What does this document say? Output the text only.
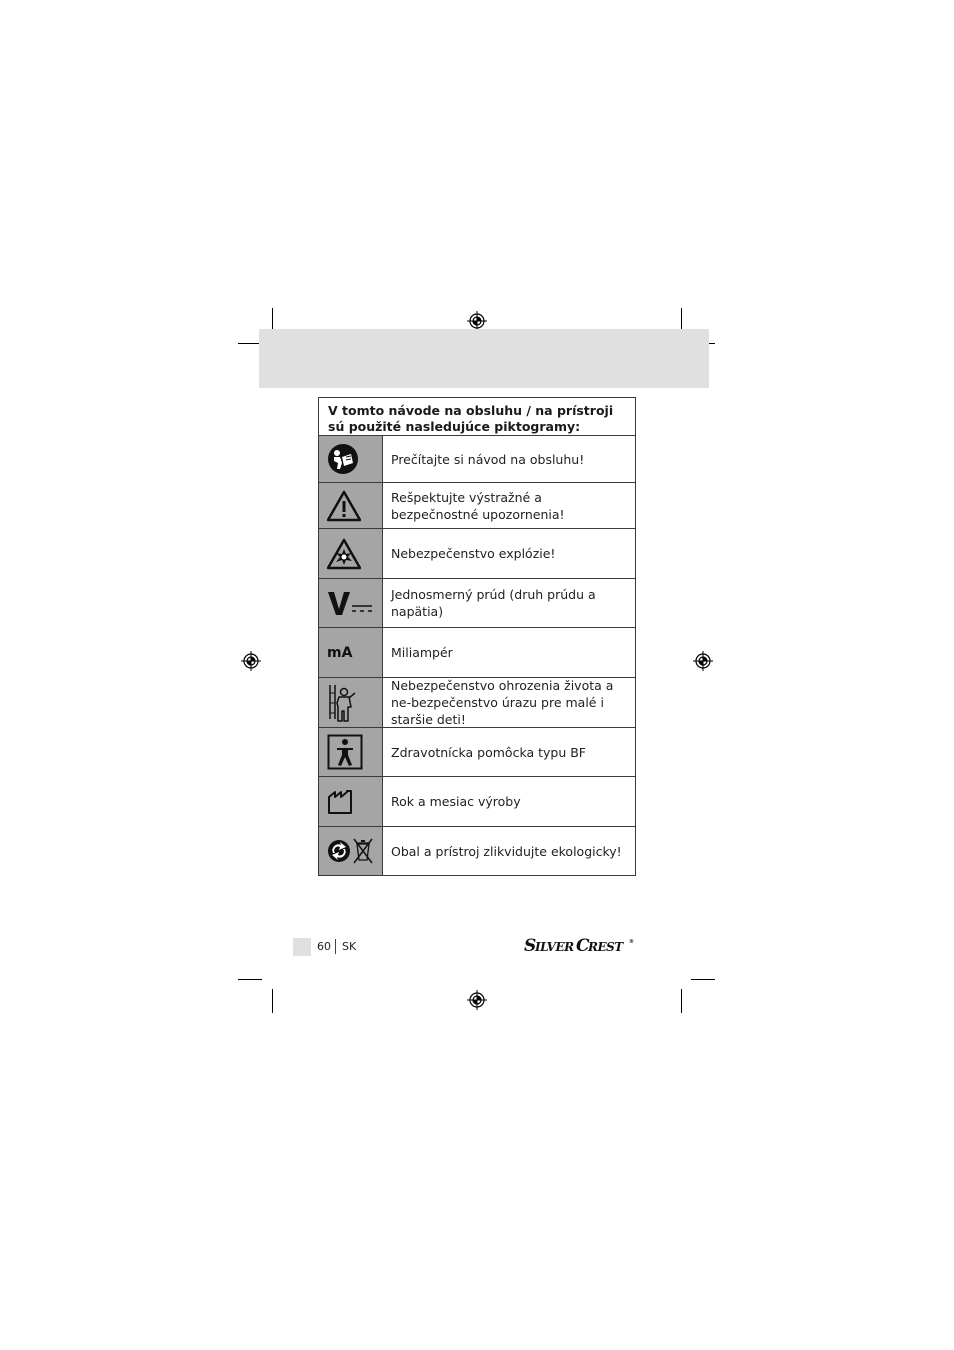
V tomto návode na obsluhu / na prístroji sú použité nasledujúce piktogramy:
Prečítajte si návod na obsluhu!
Rešpektujte výstražné a bezpečnostné upozornenia!
Nebezpečenstvo explózie!
Jednosmerný prúd (druh prúdu a napätia)
mA	Miliampér
Nebezpečenstvo ohrozenia života a ne-bezpečenstvo úrazu pre malé i staršie deti!
Zdravotnícka pomôcka typu BF
Rok a mesiac výroby
Obal a prístroj zlikvidujte ekologicky!
60 SK	S ILVER C
REST	®
